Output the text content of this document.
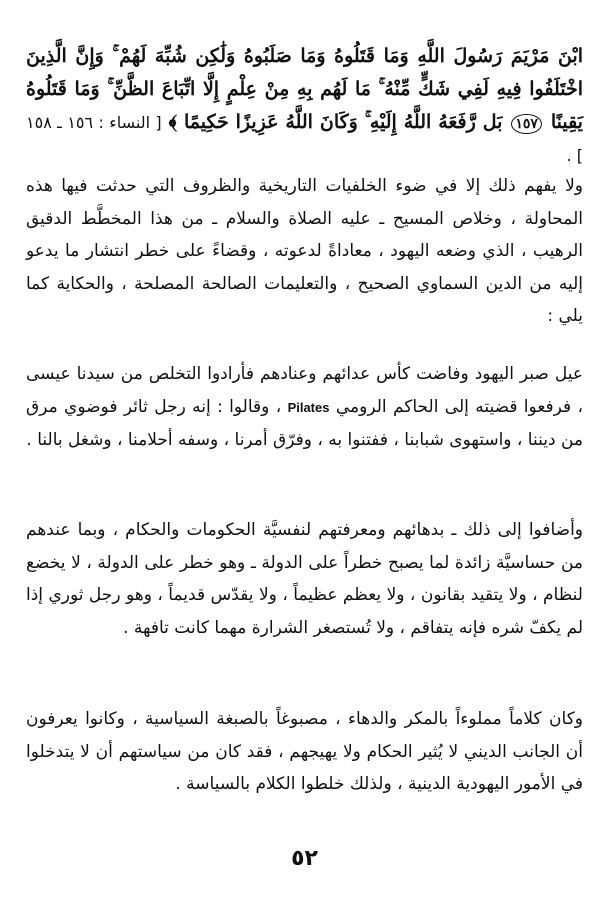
ابْنَ مَرْيَمَ رَسُولَ اللَّهِ وَمَا قَتَلُوهُ وَمَا صَلَبُوهُ وَلَٰكِن شُبِّهَ لَهُمْ ۚ وَإِنَّ الَّذِينَ اخْتَلَفُوا فِيهِ لَفِي شَكٍّ مِّنْهُ ۚ مَا لَهُم بِهِ مِنْ عِلْمٍ إِلَّا اتِّبَاعَ الظَّنِّ ۚ وَمَا قَتَلُوهُ يَقِينًا ١٥٧ بَل رَّفَعَهُ اللَّهُ إِلَيْهِ ۚ وَكَانَ اللَّهُ عَزِيزًا حَكِيمًا ﴾ [ النساء : ١٥٦ ـ ١٥٨ ] .

ولا يفهم ذلك إلا في ضوء الخلفيات التاريخية والظروف التي حدثت فيها هذه المحاولة ، وخلاص المسيح ـ عليه الصلاة والسلام ـ من هذا المخطَّط الدقيق الرهيب ، الذي وضعه اليهود ، معاداةً لدعوته ، وقضاءً على خطر انتشار ما يدعو إليه من الدين السماوي الصحيح ، والتعليمات الصالحة المصلحة ، والحكاية كما يلي :

عيل صبر اليهود وفاضت كأس عدائهم وعنادهم فأرادوا التخلص من سيدنا عيسى ، فرفعوا قضيته إلى الحاكم الرومي Pilates ، وقالوا : إنه رجل ثائر فوضوي مرق من ديننا ، واستهوى شبابنا ، ففتنوا به ، وفرّق أمرنا ، وسفه أحلامنا ، وشغل بالنا .

وأضافوا إلى ذلك ـ بدهائهم ومعرفتهم لنفسيَّة الحكومات والحكام ، وبما عندهم من حساسيَّة زائدة لما يصبح خطراً على الدولة ـ وهو خطر على الدولة ، لا يخضع لنظام ، ولا يتقيد بقانون ، ولا يعظم عظيماً ، ولا يقدّس قديماً ، وهو رجل ثوري إذا لم يكفّ شره فإنه يتفاقم ، ولا تُستصغر الشرارة مهما كانت تافهة .

وكان كلاماً مملوءاً بالمكر والدهاء ، مصبوغاً بالصبغة السياسية ، وكانوا يعرفون أن الجانب الديني لا يُثير الحكام ولا يهيجهم ، فقد كان من سياستهم أن لا يتدخلوا في الأمور اليهودية الدينية ، ولذلك خلطوا الكلام بالسياسة .

٥٢
